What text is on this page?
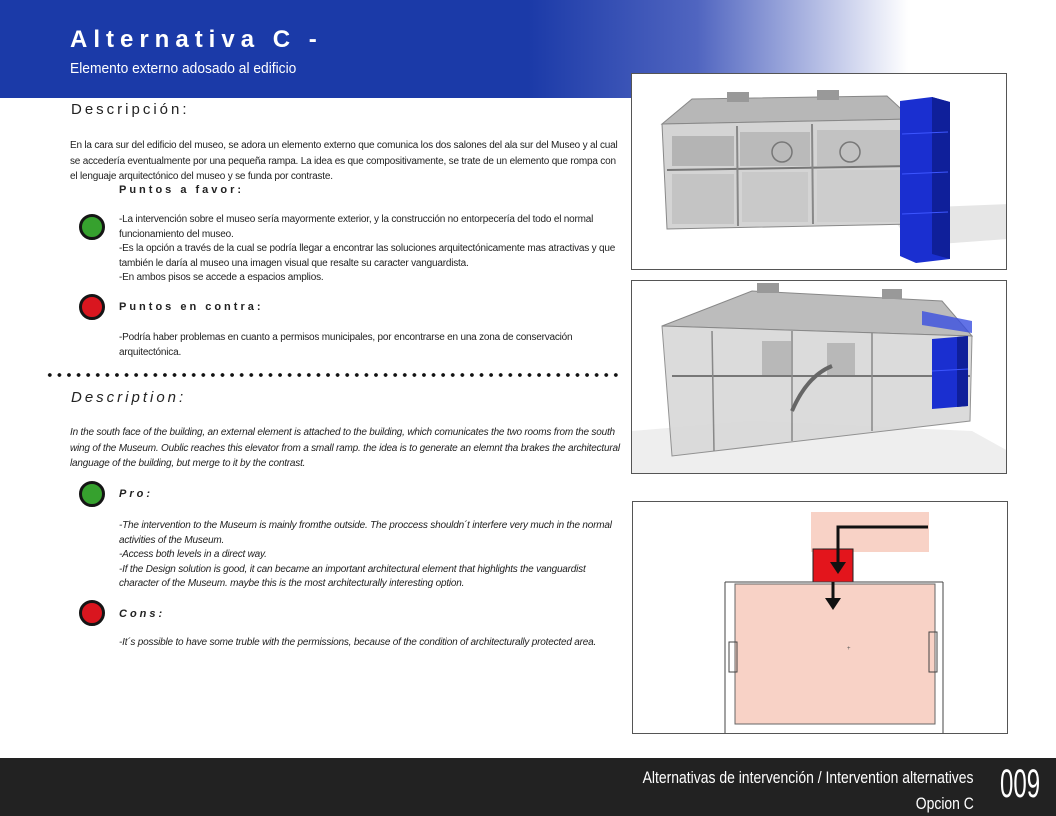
Alternativa C -
Elemento externo adosado al edificio
Descripción:
En la cara sur del edificio del museo, se adora un elemento externo que comunica los dos salones del ala sur del Museo y al cual se accedería eventualmente por una pequeña rampa. La idea es que compositivamente, se trate de un elemento que rompa con el lenguaje arquitectónico del museo y se funda por contraste.
Puntos a favor:
-La intervención sobre el museo sería mayormente exterior, y la construcción no entorpecería del todo el normal funcionamiento del museo.
-Es la opción a través de la cual se podría llegar a encontrar las soluciones arquitectónicamente mas atractivas y que también le daría al museo una imagen visual que resalte su caracter vanguardista.
-En ambos pisos se accede a espacios amplios.
Puntos en contra:
-Podría haber problemas en cuanto a permisos municipales, por encontrarse en una zona de conservación arquitectónica.
Description:
In the south face of the building, an external element is attached to the building, which comunicates the two rooms from the south wing of the Museum. Oublic reaches this elevator from a small ramp. the idea is to generate an elemnt tha brakes the architectural language of the building, but merge to it by the contrast.
Pro:
-The intervention to the Museum is mainly fromthe outside. The proccess shouldn´t interfere very much in the normal activities of the Museum.
-Access both levels in a direct way.
-If the Design solution is good, it can became an important architectural element that highlights the vanguardist character of the Museum. maybe this is the most architecturally interesting option.
Cons:
-It´s possible to have some truble with the permissions, because of the condition of architecturally protected area.
+
Alternativas de intervención / Intervention alternatives
Opcion C 009
